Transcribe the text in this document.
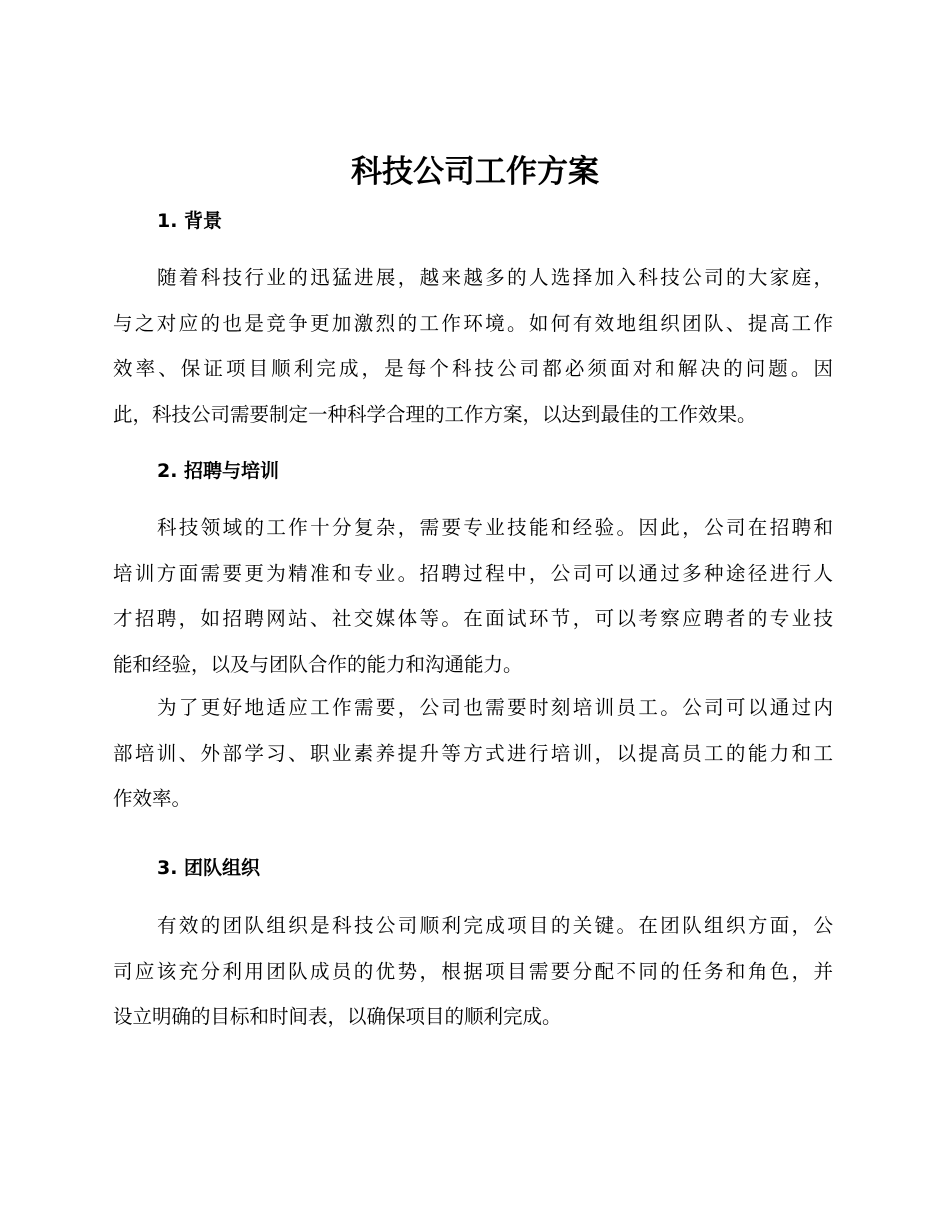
科技公司工作方案
1. 背景

随着科技行业的迅猛进展，越来越多的人选择加入科技公司的大家庭，
与之对应的也是竞争更加激烈的工作环境。如何有效地组织团队、提高工作
效率、保证项目顺利完成，是每个科技公司都必须面对和解决的问题。因
此，科技公司需要制定一种科学合理的工作方案，以达到最佳的工作效果。

2. 招聘与培训

科技领域的工作十分复杂，需要专业技能和经验。因此，公司在招聘和
培训方面需要更为精准和专业。招聘过程中，公司可以通过多种途径进行人
才招聘，如招聘网站、社交媒体等。在面试环节，可以考察应聘者的专业技
能和经验，以及与团队合作的能力和沟通能力。

为了更好地适应工作需要，公司也需要时刻培训员工。公司可以通过内
部培训、外部学习、职业素养提升等方式进行培训，以提高员工的能力和工
作效率。

3. 团队组织

有效的团队组织是科技公司顺利完成项目的关键。在团队组织方面，公
司应该充分利用团队成员的优势，根据项目需要分配不同的任务和角色，并
设立明确的目标和时间表，以确保项目的顺利完成。
